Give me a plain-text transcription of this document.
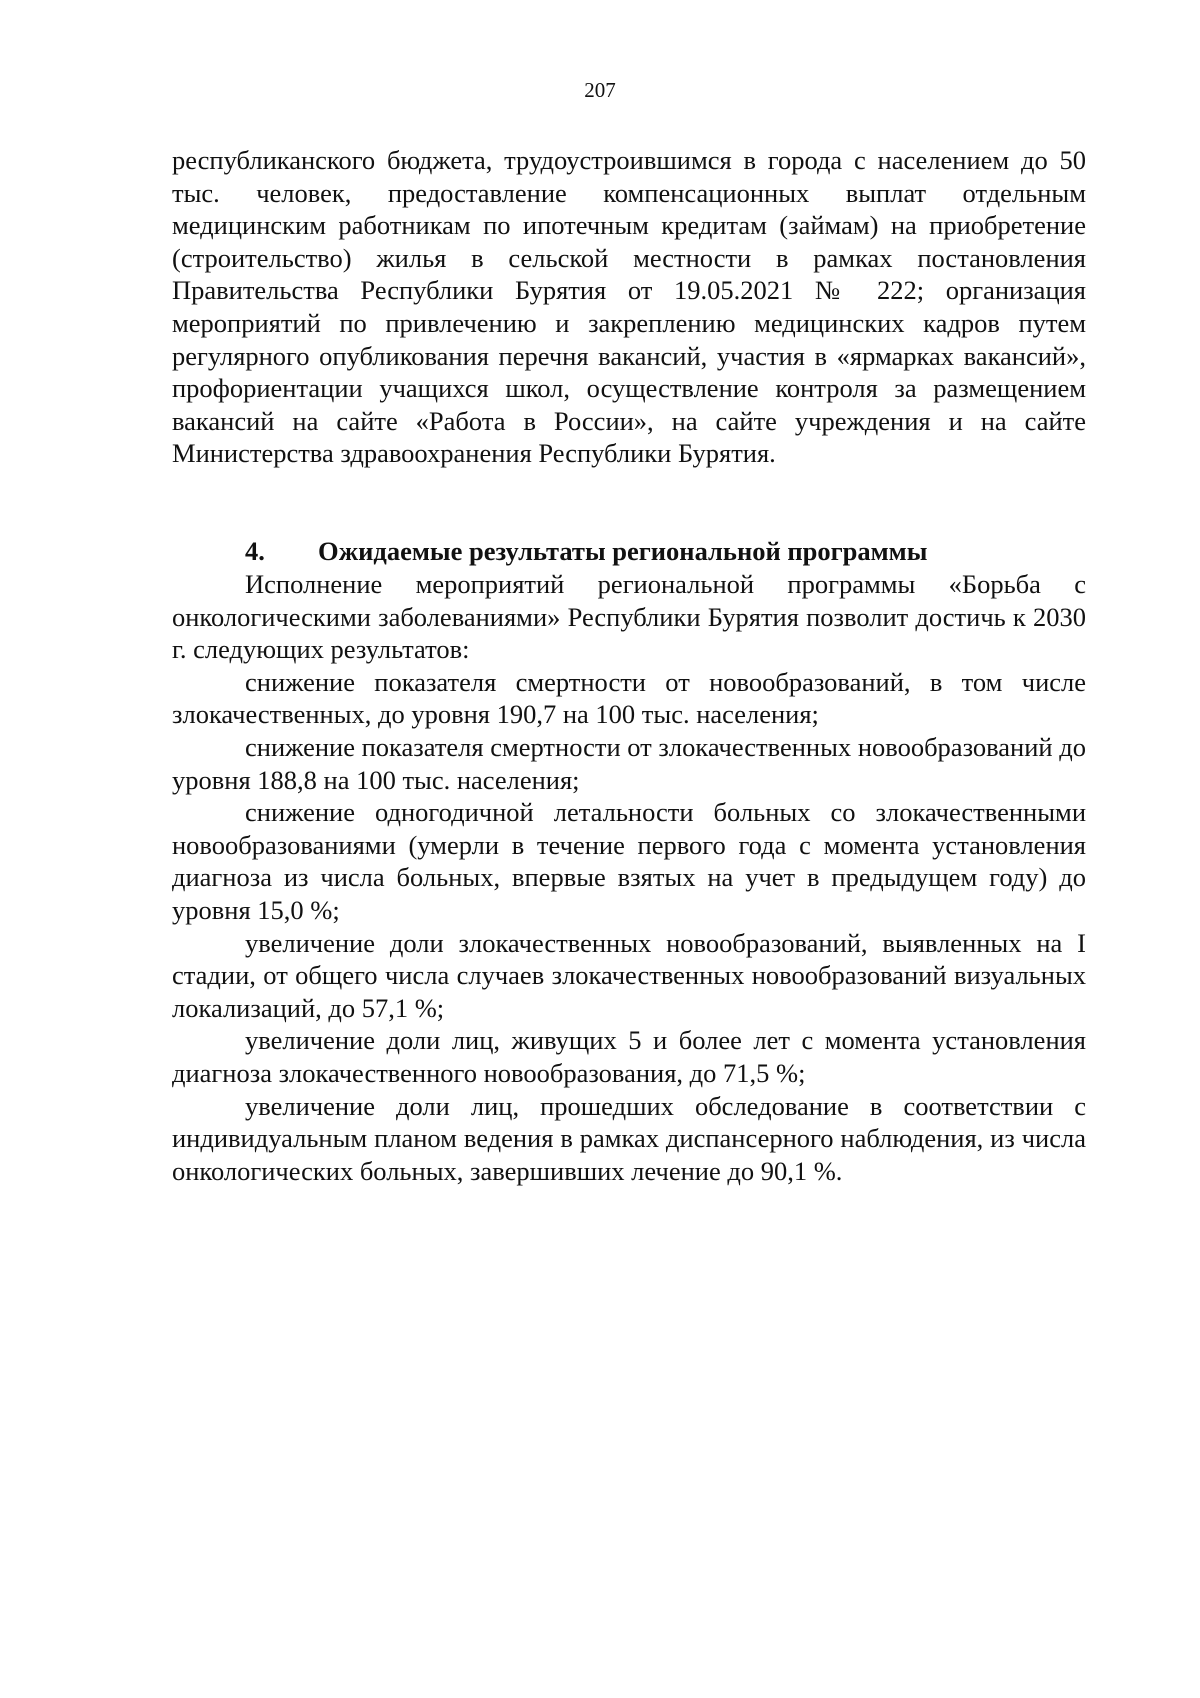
207

республиканского бюджета, трудоустроившимся в города с населением до 50 тыс. человек, предоставление компенсационных выплат отдельным медицинским работникам по ипотечным кредитам (займам) на приобретение (строительство) жилья в сельской местности в рамках постановления Правительства Республики Бурятия от 19.05.2021 № 222; организация мероприятий по привлечению и закреплению медицинских кадров путем регулярного опубликования перечня вакансий, участия в «ярмарках вакансий», профориентации учащихся школ, осуществление контроля за размещением вакансий на сайте «Работа в России», на сайте учреждения и на сайте Министерства здравоохранения Республики Бурятия.

4. Ожидаемые результаты региональной программы

Исполнение мероприятий региональной программы «Борьба с онкологическими заболеваниями» Республики Бурятия позволит достичь к 2030 г. следующих результатов:

снижение показателя смертности от новообразований, в том числе злокачественных, до уровня 190,7 на 100 тыс. населения;

снижение показателя смертности от злокачественных новообразований до уровня 188,8 на 100 тыс. населения;

снижение одногодичной летальности больных со злокачественными новообразованиями (умерли в течение первого года с момента установления диагноза из числа больных, впервые взятых на учет в предыдущем году) до уровня 15,0 %;

увеличение доли злокачественных новообразований, выявленных на I стадии, от общего числа случаев злокачественных новообразований визуальных локализаций, до 57,1 %;

увеличение доли лиц, живущих 5 и более лет с момента установления диагноза злокачественного новообразования, до 71,5 %;

увеличение доли лиц, прошедших обследование в соответствии с индивидуальным планом ведения в рамках диспансерного наблюдения, из числа онкологических больных, завершивших лечение до 90,1 %.
